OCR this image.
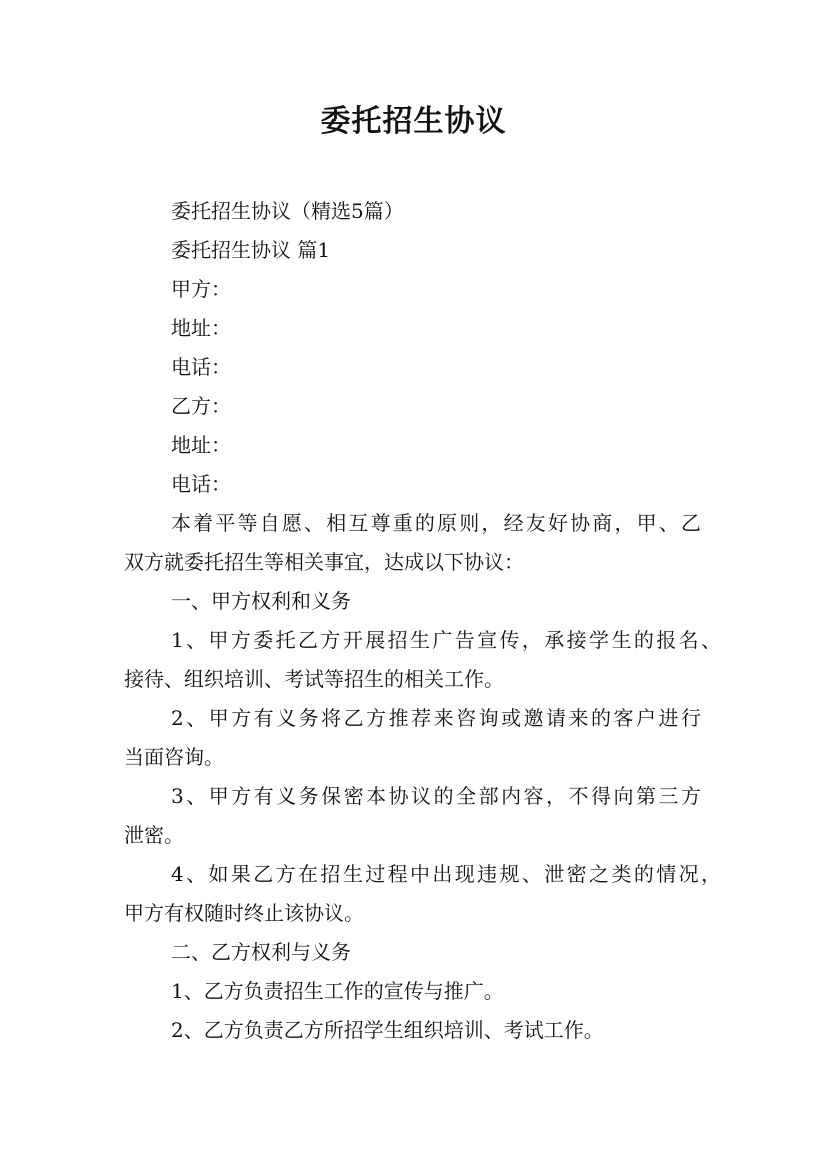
委托招生协议
委托招生协议（精选5篇）
委托招生协议 篇1
甲方：
地址：
电话：
乙方：
地址：
电话：
本着平等自愿、相互尊重的原则，经友好协商，甲、乙
双方就委托招生等相关事宜，达成以下协议：
一、甲方权利和义务
1、甲方委托乙方开展招生广告宣传，承接学生的报名、
接待、组织培训、考试等招生的相关工作。
2、甲方有义务将乙方推荐来咨询或邀请来的客户进行
当面咨询。
3、甲方有义务保密本协议的全部内容，不得向第三方
泄密。
4、如果乙方在招生过程中出现违规、泄密之类的情况，
甲方有权随时终止该协议。
二、乙方权利与义务
1、乙方负责招生工作的宣传与推广。
2、乙方负责乙方所招学生组织培训、考试工作。
